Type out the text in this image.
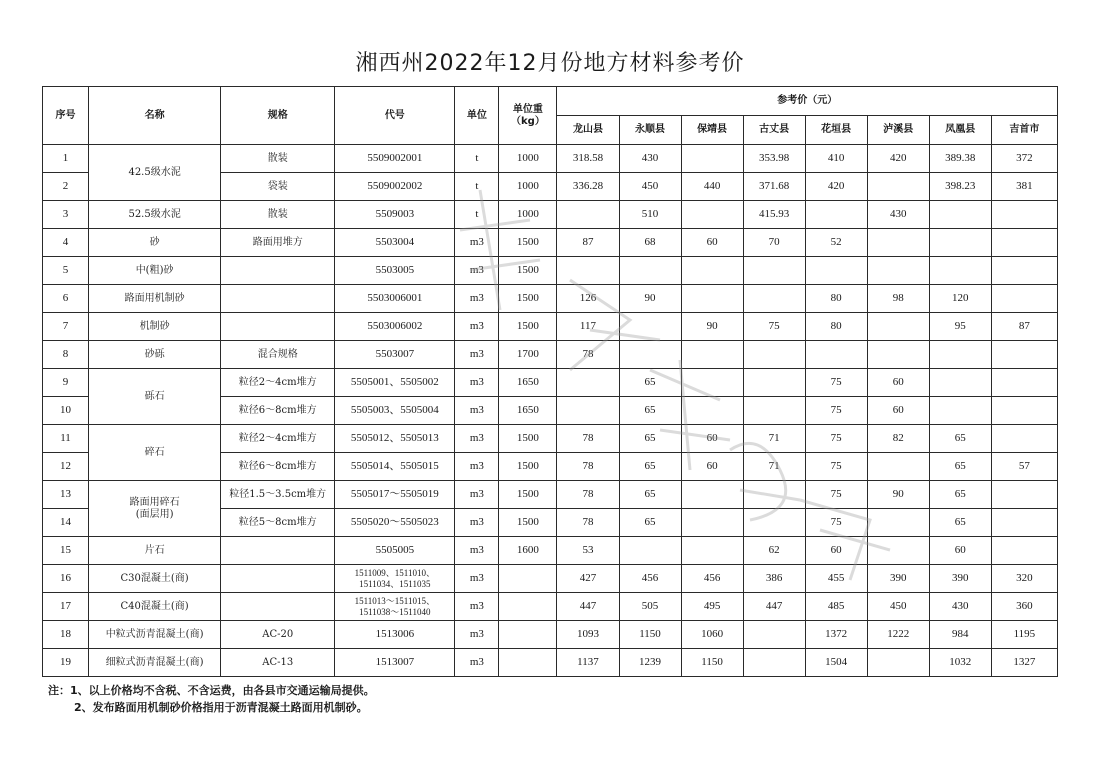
湘西州2022年12月份地方材料参考价
序号	名称	规格	代号	单位	单位重
（kg）	参考价（元）							
						龙山县	永顺县	保靖县	古丈县	花垣县	泸溪县	凤凰县	吉首市
1	42.5级水泥	散装	5509002001	t	1000	318.58	430		353.98	410	420	389.38	372
2		袋装	5509002002	t	1000	336.28	450	440	371.68	420		398.23	381
3	52.5级水泥	散装	5509003	t	1000		510		415.93		430		
4	砂	路面用堆方	5503004	m3	1500	87	68	60	70	52			
5	中(粗)砂		5503005	m3	1500								
6	路面用机制砂		5503006001	m3	1500	126	90			80	98	120	
7	机制砂		5503006002	m3	1500	117		90	75	80		95	87
8	砂砾	混合规格	5503007	m3	1700	78							
9	砾石	粒径2～4cm堆方	5505001、5505002	m3	1650		65			75	60		
10		粒径6～8cm堆方	5505003、5505004	m3	1650		65			75	60		
11	碎石	粒径2～4cm堆方	5505012、5505013	m3	1500	78	65	60	71	75	82	65	
12		粒径6～8cm堆方	5505014、5505015	m3	1500	78	65	60	71	75		65	57
13	路面用碎石
(面层用)	粒径1.5～3.5cm堆方	5505017～5505019	m3	1500	78	65			75	90	65	
14		粒径5～8cm堆方	5505020～5505023	m3	1500	78	65			75		65	
15	片石		5505005	m3	1600	53			62	60		60	
16	C30混凝土(商)		1511009、1511010、
1511034、1511035	m3		427	456	456	386	455	390	390	320
17	C40混凝土(商)		1511013～1511015、
1511038～1511040	m3		447	505	495	447	485	450	430	360
18	中粒式沥青混凝土(商)	AC-20	1513006	m3		1093	1150	1060		1372	1222	984	1195
19	细粒式沥青混凝土(商)	AC-13	1513007	m3		1137	1239	1150		1504		1032	1327
注：1、以上价格均不含税、不含运费，由各县市交通运输局提供。
2、发布路面用机制砂价格指用于沥青混凝土路面用机制砂。
